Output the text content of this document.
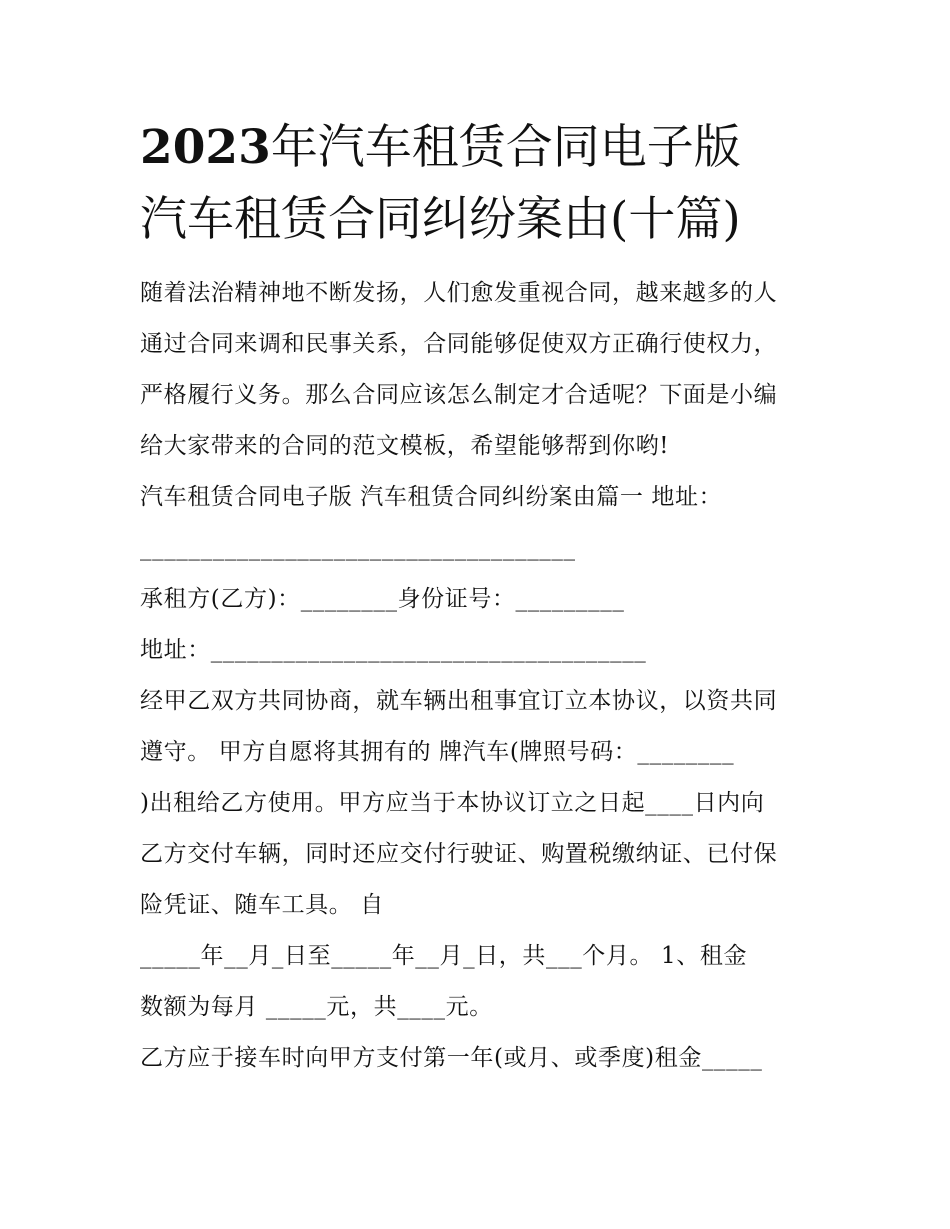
2023年汽车租赁合同电子版
汽车租赁合同纠纷案由(十篇)
随着法治精神地不断发扬，人们愈发重视合同，越来越多的人
通过合同来调和民事关系，合同能够促使双方正确行使权力，
严格履行义务。那么合同应该怎么制定才合适呢？下面是小编
给大家带来的合同的范文模板，希望能够帮到你哟!
汽车租赁合同电子版 汽车租赁合同纠纷案由篇一 地址：
____________________________________
承租方(乙方)：________身份证号：_________
地址：____________________________________
经甲乙双方共同协商，就车辆出租事宜订立本协议，以资共同
遵守。 甲方自愿将其拥有的 牌汽车(牌照号码：________
)出租给乙方使用。甲方应当于本协议订立之日起____日内向
乙方交付车辆，同时还应交付行驶证、购置税缴纳证、已付保
险凭证、随车工具。 自
_____年__月_日至_____年__月_日，共___个月。 1、租金
数额为每月 _____元，共____元。
乙方应于接车时向甲方支付第一年(或月、或季度)租金_____
